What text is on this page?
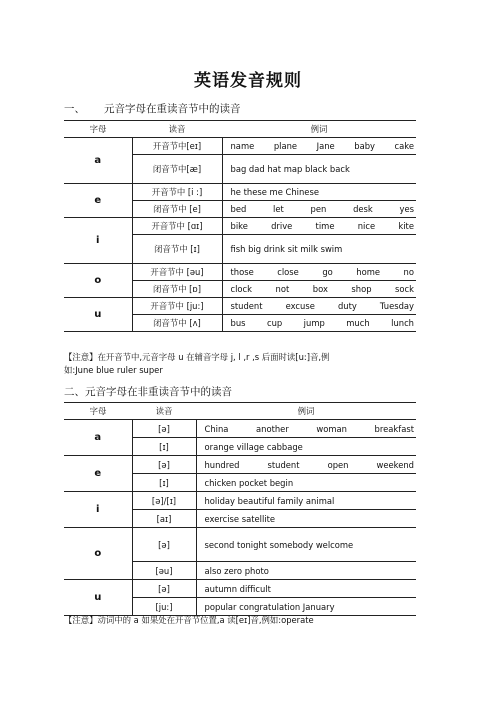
英语发音规则
一、 元音字母在重读音节中的读音
字母	读音	例词
a	开音节中[eɪ]	name plane Jane baby cake
	闭音节中[æ]	bag dad hat map black back
e	开音节中 [i :]	he these me Chinese
	闭音节中 [e]	bed let pen desk yes
i	开音节中 [ɑɪ]	bike drive time nice kite
	闭音节中 [ɪ]	fish big drink sit milk swim
o	开音节中 [əu]	those close go home no
	闭音节中 [ɒ]	clock not box shop sock
u	开音节中 [ju:]	student excuse duty Tuesday
	闭音节中 [ʌ]	bus cup jump much lunch
【注意】在开音节中,元音字母 u 在辅音字母 j, l ,r ,s 后面时读[u:]音,例
如:June blue ruler super
二、元音字母在非重读音节中的读音
字母	读音	例词
a	[ə]	China another woman breakfast
	[ɪ]	orange village cabbage
e	[ə]	hundred student open weekend
	[ɪ]	chicken pocket begin
i	[ə]/[ɪ]	holiday beautiful family animal
	[aɪ]	exercise satellite
o	[ə]	second tonight somebody welcome
	[əu]	also zero photo
u	[ə]	autumn difficult
	[ju:]	popular congratulation January
【注意】动词中的 a 如果处在开音节位置,a 读[eɪ]音,例如:operate
